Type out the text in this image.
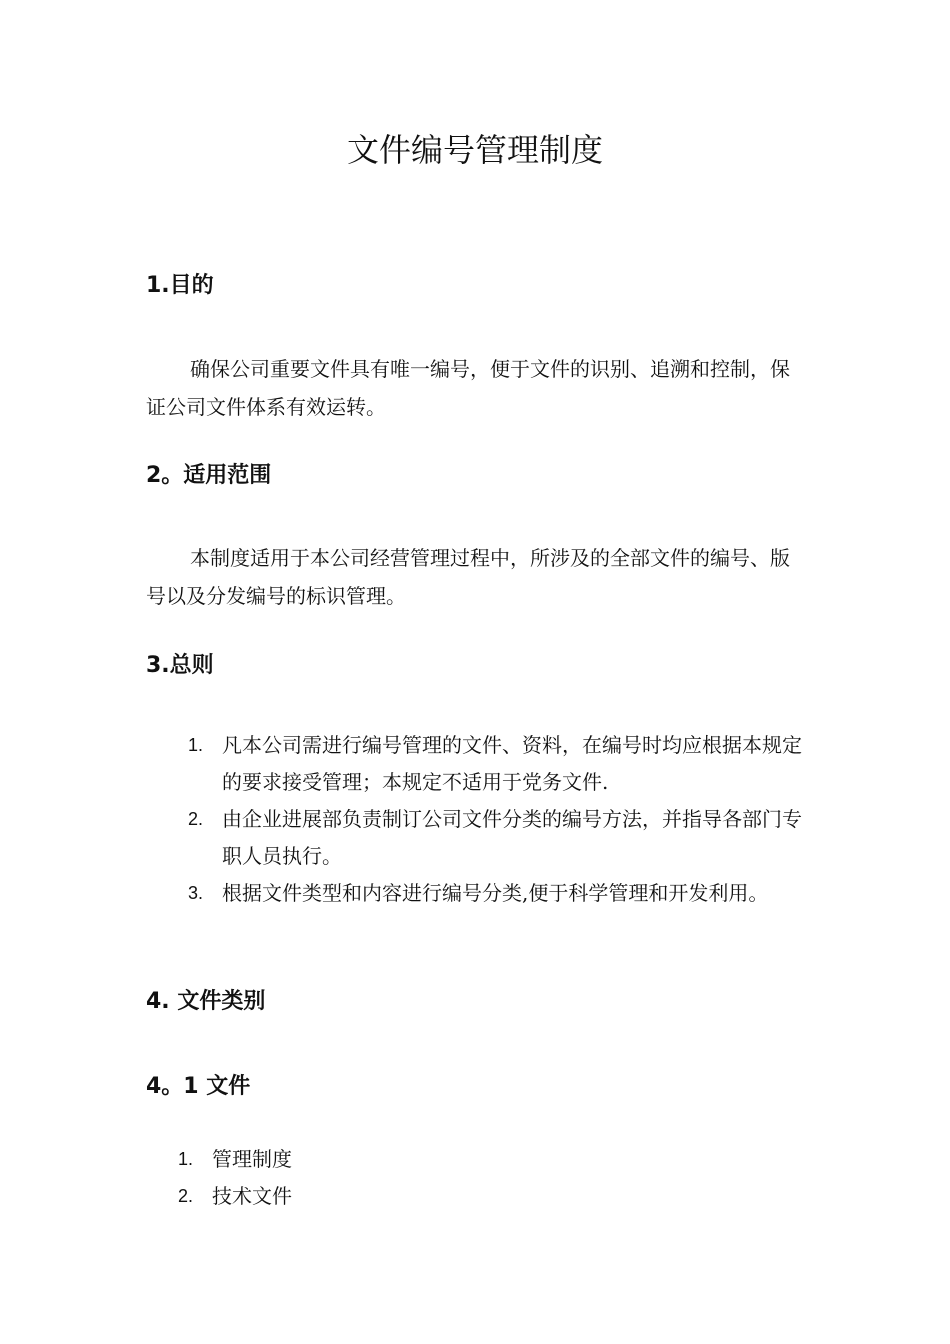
文件编号管理制度
1.目的

确保公司重要文件具有唯一编号，便于文件的识别、追溯和控制，保证公司文件体系有效运转。

2。适用范围

本制度适用于本公司经营管理过程中，所涉及的全部文件的编号、版号以及分发编号的标识管理。

3.总则
1. 凡本公司需进行编号管理的文件、资料，在编号时均应根据本规定的要求接受管理；本规定不适用于党务文件.
2. 由企业进展部负责制订公司文件分类的编号方法，并指导各部门专职人员执行。
3. 根据文件类型和内容进行编号分类,便于科学管理和开发利用。
4. 文件类别
4。1 文件
1. 管理制度
2. 技术文件
